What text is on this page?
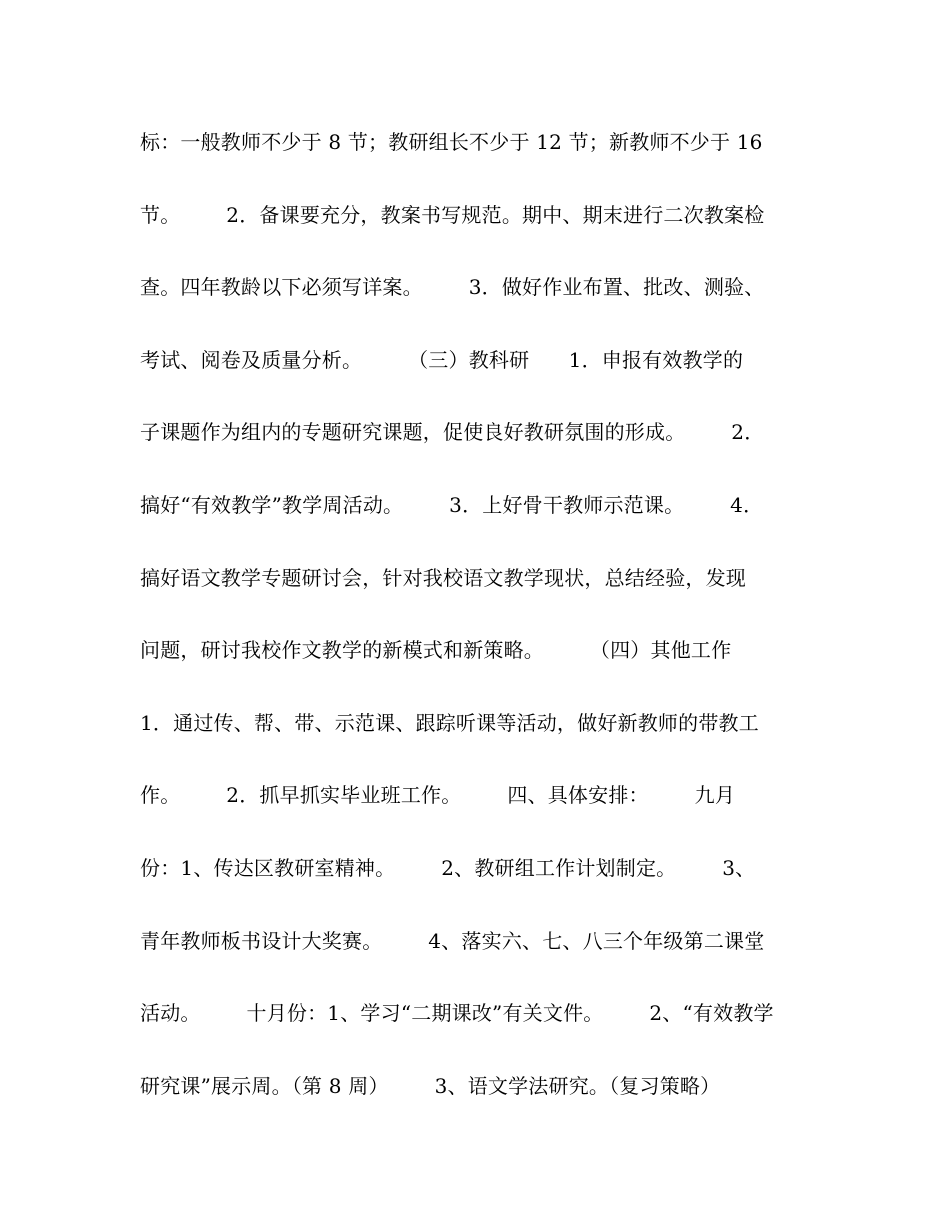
标：一般教师不少于 8 节；教研组长不少于 12 节；新教师不少于 16
节。       2．备课要充分，教案书写规范。期中、期末进行二次教案检
查。四年教龄以下必须写详案。       3．做好作业布置、批改、测验、
考试、阅卷及质量分析。       （三）教科研      1．申报有效教学的
子课题作为组内的专题研究课题，促使良好教研氛围的形成。       2．
搞好“有效教学”教学周活动。       3．上好骨干教师示范课。       4．
搞好语文教学专题研讨会，针对我校语文教学现状，总结经验，发现
问题，研讨我校作文教学的新模式和新策略。       （四）其他工作
1．通过传、帮、带、示范课、跟踪听课等活动，做好新教师的带教工
作。       2．抓早抓实毕业班工作。       四、具体安排：       九月
份：1、传达区教研室精神。       2、教研组工作计划制定。       3、
青年教师板书设计大奖赛。       4、落实六、七、八三个年级第二课堂
活动。       十月份：1、学习“二期课改”有关文件。       2、“有效教学
研究课”展示周。（第 8 周）       3、语文学法研究。（复习策略）
